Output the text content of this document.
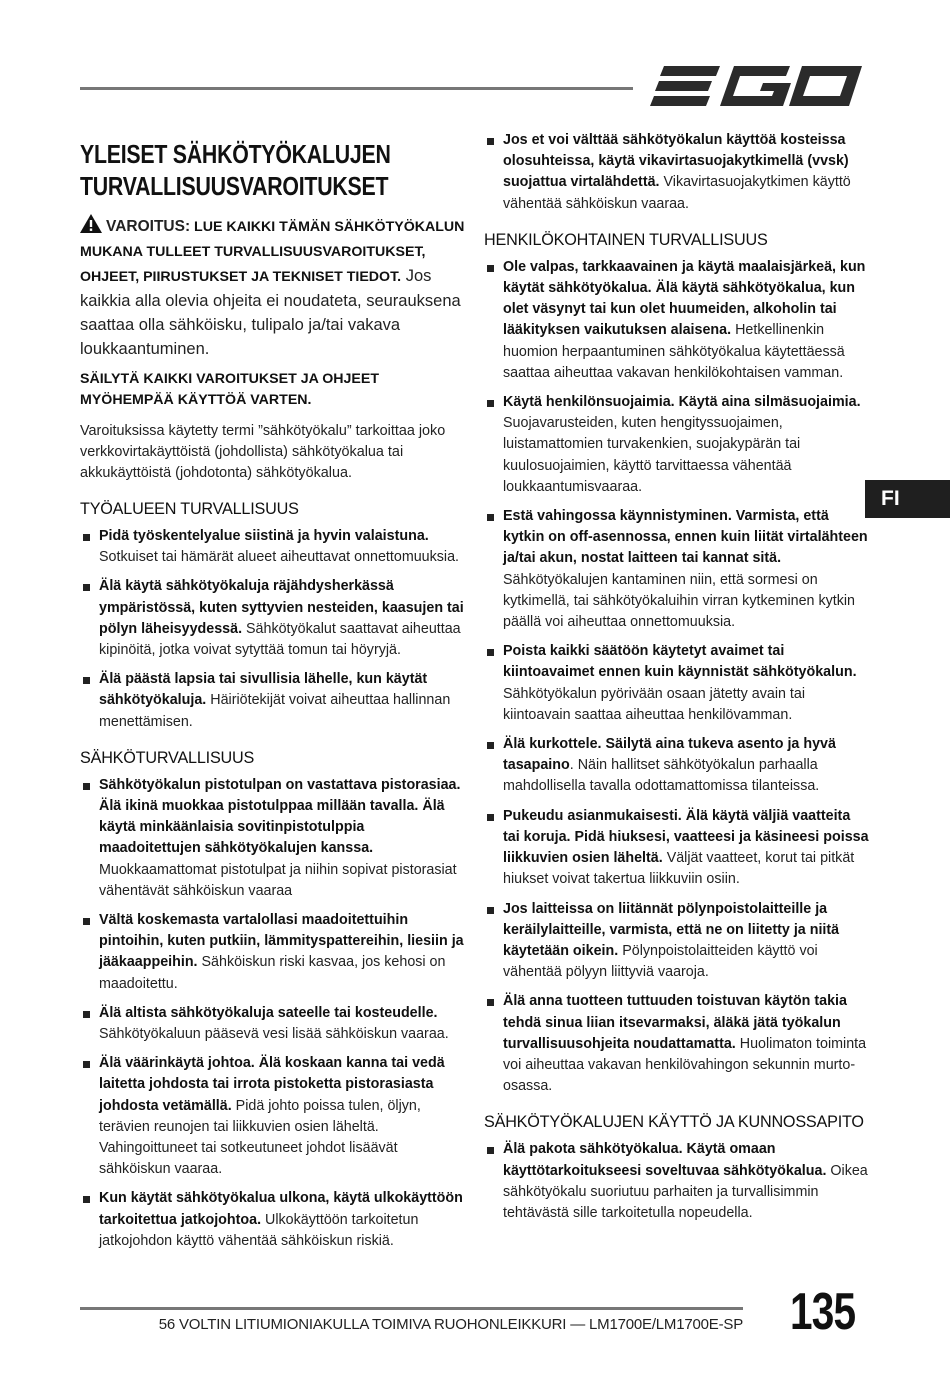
FI
YLEISET SÄHKÖTYÖKALUJEN
TURVALLISUUSVAROITUKSET
VAROITUS: LUE KAIKKI TÄMÄN SÄHKÖTYÖKALUN MUKANA TULLEET TURVALLISUUSVAROITUKSET, OHJEET, PIIRUSTUKSET JA TEKNISET TIEDOT. Jos kaikkia alla olevia ohjeita ei noudateta, seurauksena saattaa olla sähköisku, tulipalo ja/tai vakava loukkaantuminen.
SÄILYTÄ KAIKKI VAROITUKSET JA OHJEET MYÖHEMPÄÄ KÄYTTÖÄ VARTEN.
Varoituksissa käytetty termi ”sähkötyökalu” tarkoittaa joko verkkovirtakäyttöistä (johdollista) sähkötyökalua tai akkukäyttöistä (johdotonta) sähkötyökalua.
TYÖALUEEN TURVALLISUUS
Pidä työskentelyalue siistinä ja hyvin valaistuna. Sotkuiset tai hämärät alueet aiheuttavat onnettomuuksia.
Älä käytä sähkötyökaluja räjähdysherkässä ympäristössä, kuten syttyvien nesteiden, kaasujen tai pölyn läheisyydessä. Sähkötyökalut saattavat aiheuttaa kipinöitä, jotka voivat sytyttää tomun tai höyryjä.
Älä päästä lapsia tai sivullisia lähelle, kun käytät sähkötyökaluja. Häiriötekijät voivat aiheuttaa hallinnan menettämisen.
SÄHKÖTURVALLISUUS
Sähkötyökalun pistotulpan on vastattava pistorasiaa. Älä ikinä muokkaa pistotulppaa millään tavalla. Älä käytä minkäänlaisia sovitinpistotulppia maadoitettujen sähkötyökalujen kanssa. Muokkaamattomat pistotulpat ja niihin sopivat pistorasiat vähentävät sähköiskun vaaraa
Vältä koskemasta vartalollasi maadoitettuihin pintoihin, kuten putkiin, lämmityspattereihin, liesiin ja jääkaappeihin. Sähköiskun riski kasvaa, jos kehosi on maadoitettu.
Älä altista sähkötyökaluja sateelle tai kosteudelle. Sähkötyökaluun pääsevä vesi lisää sähköiskun vaaraa.
Älä väärinkäytä johtoa. Älä koskaan kanna tai vedä laitetta johdosta tai irrota pistoketta pistorasiasta johdosta vetämällä. Pidä johto poissa tulen, öljyn, terävien reunojen tai liikkuvien osien läheltä. Vahingoittuneet tai sotkeutuneet johdot lisäävät sähköiskun vaaraa.
Kun käytät sähkötyökalua ulkona, käytä ulkokäyttöön tarkoitettua jatkojohtoa. Ulkokäyttöön tarkoitetun jatkojohdon käyttö vähentää sähköiskun riskiä.
Jos et voi välttää sähkötyökalun käyttöä kosteissa olosuhteissa, käytä vikavirtasuojakytkimellä (vvsk) suojattua virtalähdettä. Vikavirtasuojakytkimen käyttö vähentää sähköiskun vaaraa.
HENKILÖKOHTAINEN TURVALLISUUS
Ole valpas, tarkkaavainen ja käytä maalaisjärkeä, kun käytät sähkötyökalua. Älä käytä sähkötyökalua, kun olet väsynyt tai kun olet huumeiden, alkoholin tai lääkityksen vaikutuksen alaisena. Hetkellinenkin huomion herpaantuminen sähkötyökalua käytettäessä saattaa aiheuttaa vakavan henkilökohtaisen vamman.
Käytä henkilönsuojaimia. Käytä aina silmäsuojaimia. Suojavarusteiden, kuten hengityssuojaimen, luistamattomien turvakenkien, suojakypärän tai kuulosuojaimien, käyttö tarvittaessa vähentää loukkaantumisvaaraa.
Estä vahingossa käynnistyminen. Varmista, että kytkin on off-asennossa, ennen kuin liität virtalähteen ja/tai akun, nostat laitteen tai kannat sitä. Sähkötyökalujen kantaminen niin, että sormesi on kytkimellä, tai sähkötyökaluihin virran kytkeminen kytkin päällä voi aiheuttaa onnettomuuksia.
Poista kaikki säätöön käytetyt avaimet tai kiintoavaimet ennen kuin käynnistät sähkötyökalun. Sähkötyökalun pyörivään osaan jätetty avain tai kiintoavain saattaa aiheuttaa henkilövamman.
Älä kurkottele. Säilytä aina tukeva asento ja hyvä tasapaino. Näin hallitset sähkötyökalun parhaalla mahdollisella tavalla odottamattomissa tilanteissa.
Pukeudu asianmukaisesti. Älä käytä väljiä vaatteita tai koruja. Pidä hiuksesi, vaatteesi ja käsineesi poissa liikkuvien osien läheltä. Väljät vaatteet, korut tai pitkät hiukset voivat takertua liikkuviin osiin.
Jos laitteissa on liitännät pölynpoistolaitteille ja keräilylaitteille, varmista, että ne on liitetty ja niitä käytetään oikein. Pölynpoistolaitteiden käyttö voi vähentää pölyyn liittyviä vaaroja.
Älä anna tuotteen tuttuuden toistuvan käytön takia tehdä sinua liian itsevarmaksi, äläkä jätä työkalun turvallisuusohjeita noudattamatta. Huolimaton toiminta voi aiheuttaa vakavan henkilövahingon sekunnin murto-osassa.
SÄHKÖTYÖKALUJEN KÄYTTÖ JA KUNNOSSAPITO
Älä pakota sähkötyökalua. Käytä omaan käyttötarkoitukseesi soveltuvaa sähkötyökalua. Oikea sähkötyökalu suoriutuu parhaiten ja turvallisimmin tehtävästä sille tarkoitetulla nopeudella.
56 VOLTIN LITIUMIONIAKULLA TOIMIVA RUOHONLEIKKURI — LM1700E/LM1700E-SP 135
